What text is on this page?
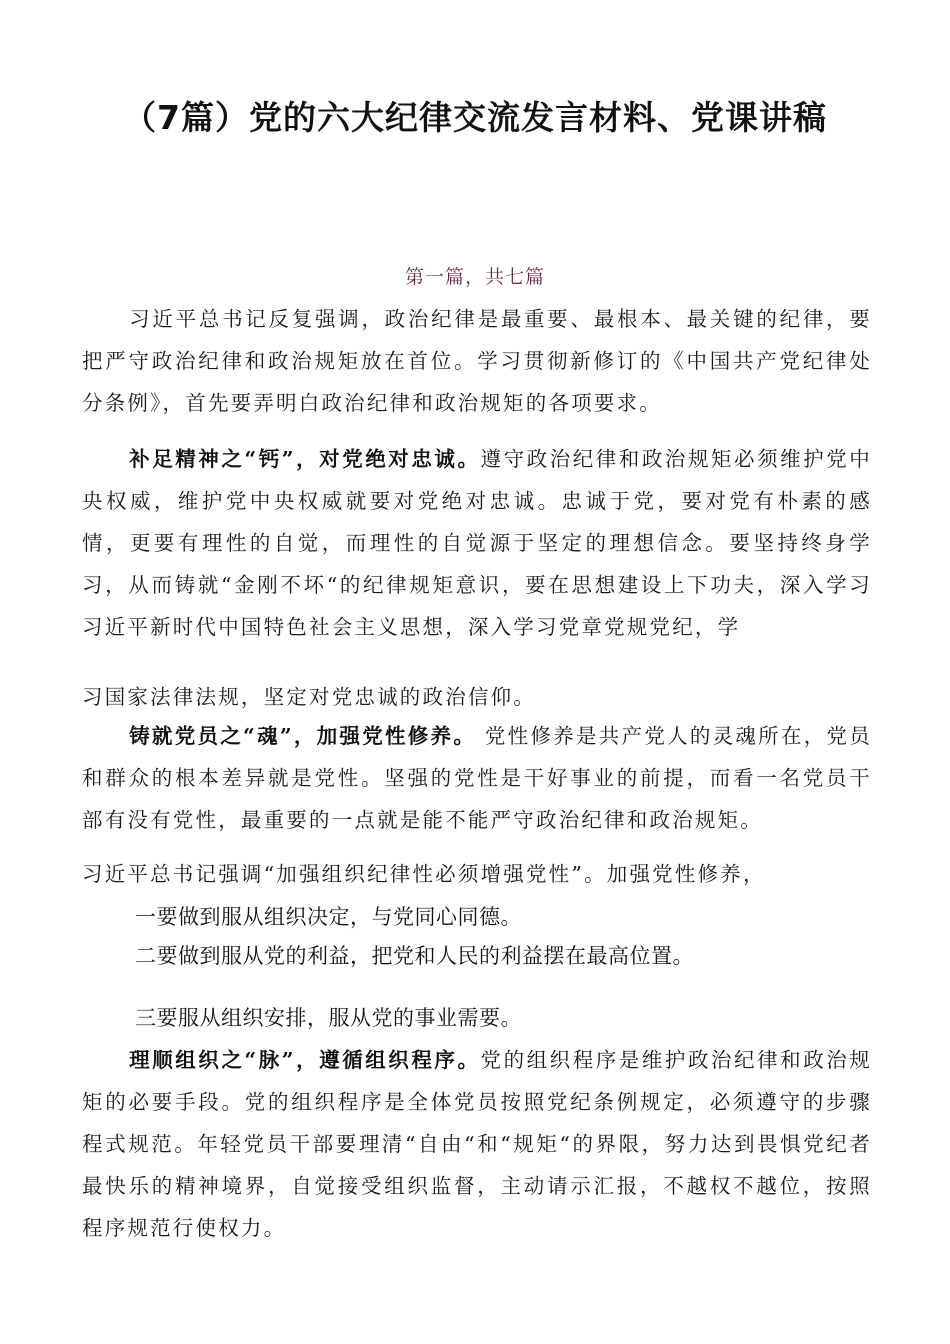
（7篇）党的六大纪律交流发言材料、党课讲稿
第一篇，共七篇
习近平总书记反复强调，政治纪律是最重要、最根本、最关键的纪律，要把严守政治纪律和政治规矩放在首位。学习贯彻新修订的《中国共产党纪律处分条例》，首先要弄明白政治纪律和政治规矩的各项要求。
补足精神之“钙”，对党绝对忠诚。遵守政治纪律和政治规矩必须维护党中央权威，维护党中央权威就要对党绝对忠诚。忠诚于党，要对党有朴素的感情，更要有理性的自觉，而理性的自觉源于坚定的理想信念。要坚持终身学习，从而铸就“金刚不坏“的纪律规矩意识，要在思想建设上下功夫，深入学习习近平新时代中国特色社会主义思想，深入学习党章党规党纪，学
习国家法律法规，坚定对党忠诚的政治信仰。
铸就党员之“魂”，加强党性修养。 党性修养是共产党人的灵魂所在，党员和群众的根本差异就是党性。坚强的党性是干好事业的前提，而看一名党员干部有没有党性，最重要的一点就是能不能严守政治纪律和政治规矩。
习近平总书记强调“加强组织纪律性必须增强党性”。加强党性修养，
一要做到服从组织决定，与党同心同德。
二要做到服从党的利益，把党和人民的利益摆在最高位置。
三要服从组织安排，服从党的事业需要。
理顺组织之“脉”，遵循组织程序。党的组织程序是维护政治纪律和政治规矩的必要手段。党的组织程序是全体党员按照党纪条例规定，必须遵守的步骤程式规范。年轻党员干部要理清“自由“和“规矩“的界限，努力达到畏惧党纪者最快乐的精神境界，自觉接受组织监督，主动请示汇报，不越权不越位，按照程序规范行使权力。
